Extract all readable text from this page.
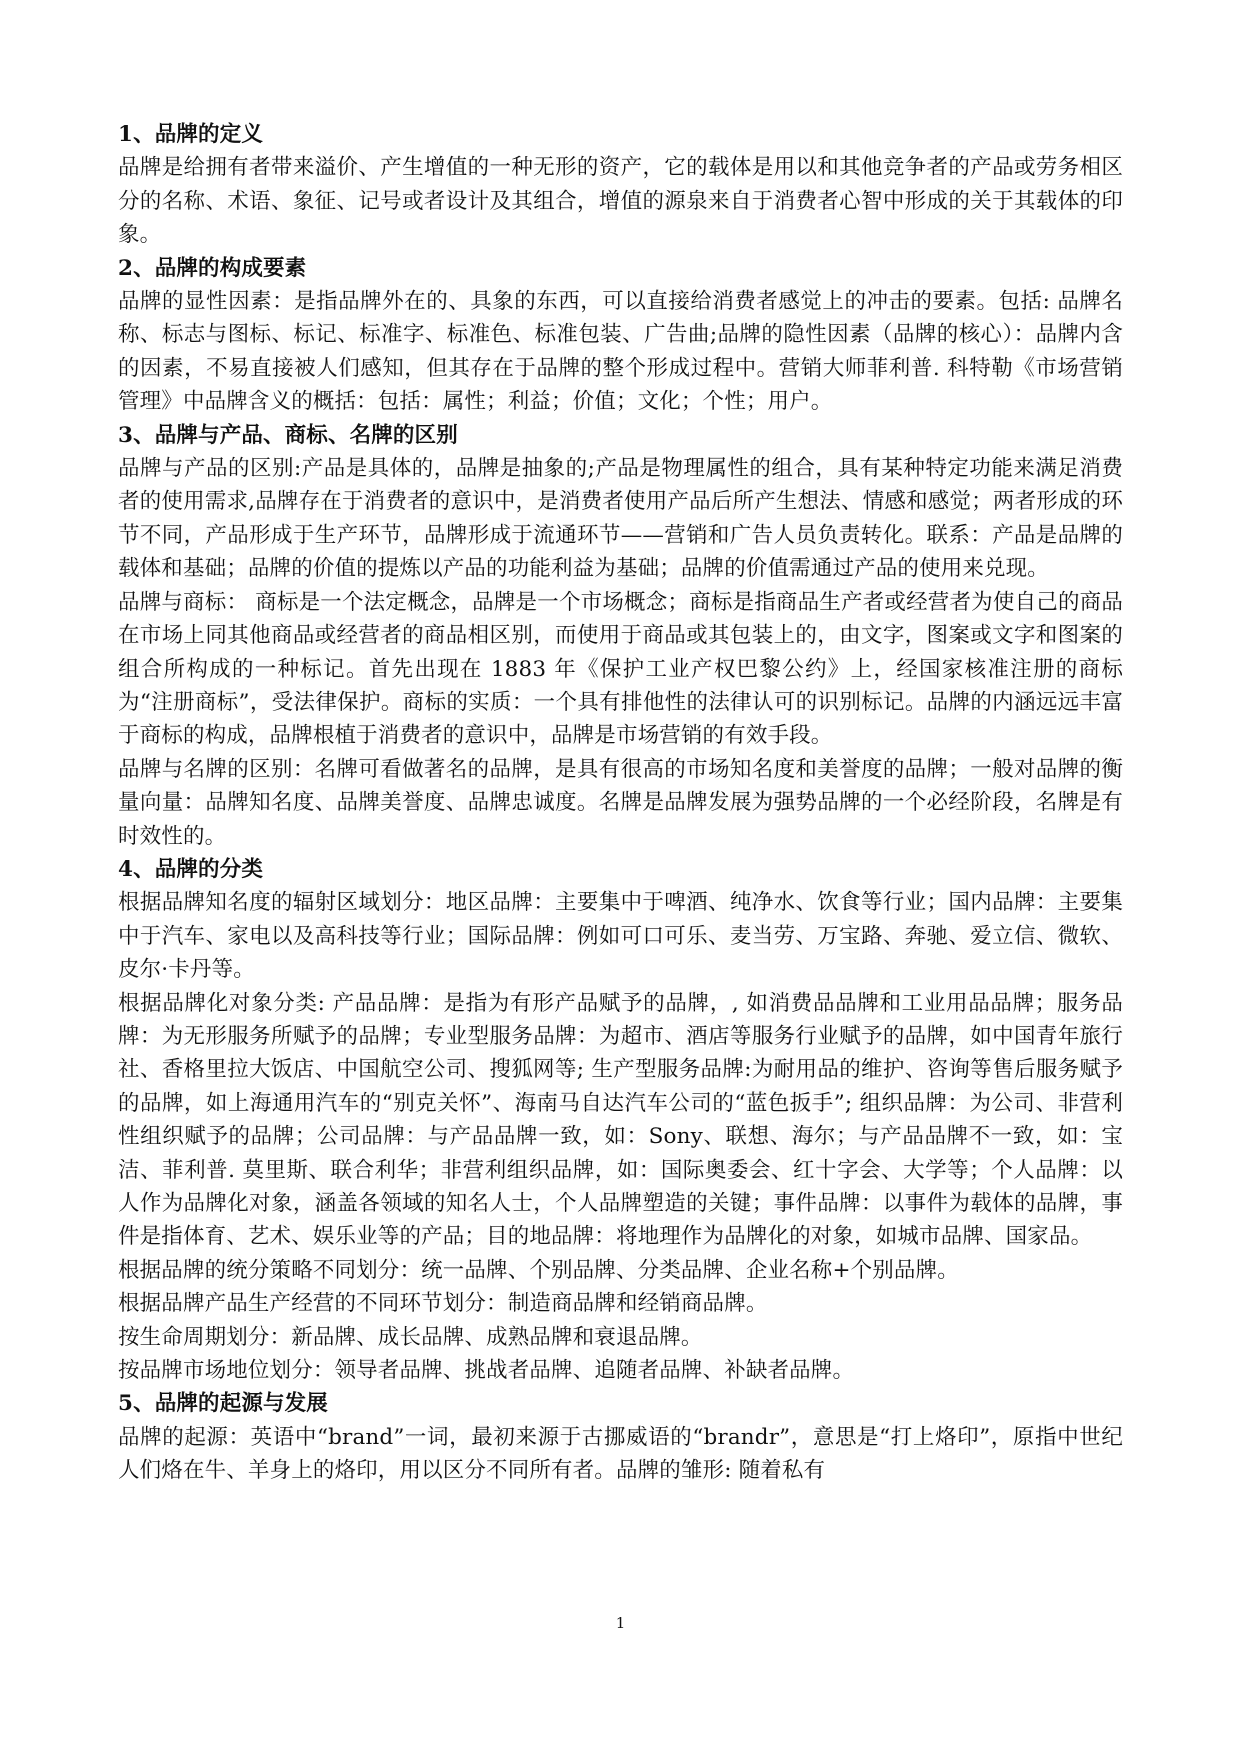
1、品牌的定义

品牌是给拥有者带来溢价、产生增值的一种无形的资产，它的载体是用以和其他竞争者的产品或劳务相区分的名称、术语、象征、记号或者设计及其组合，增值的源泉来自于消费者心智中形成的关于其载体的印象。

2、品牌的构成要素

品牌的显性因素：是指品牌外在的、具象的东西，可以直接给消费者感觉上的冲击的要素。包括: 品牌名称、标志与图标、标记、标准字、标准色、标准包装、广告曲;品牌的隐性因素（品牌的核心）：品牌内含的因素，不易直接被人们感知，但其存在于品牌的整个形成过程中。营销大师菲利普. 科特勒《市场营销管理》中品牌含义的概括：包括：属性；利益；价值；文化；个性；用户。

3、品牌与产品、商标、名牌的区别

品牌与产品的区别:产品是具体的，品牌是抽象的;产品是物理属性的组合，具有某种特定功能来满足消费者的使用需求,品牌存在于消费者的意识中，是消费者使用产品后所产生想法、情感和感觉；两者形成的环节不同，产品形成于生产环节，品牌形成于流通环节——营销和广告人员负责转化。联系：产品是品牌的载体和基础；品牌的价值的提炼以产品的功能利益为基础；品牌的价值需通过产品的使用来兑现。

品牌与商标： 商标是一个法定概念，品牌是一个市场概念；商标是指商品生产者或经营者为使自己的商品在市场上同其他商品或经营者的商品相区别，而使用于商品或其包装上的，由文字，图案或文字和图案的组合所构成的一种标记。首先出现在 1883 年《保护工业产权巴黎公约》上，经国家核准注册的商标为“注册商标”，受法律保护。商标的实质：一个具有排他性的法律认可的识别标记。品牌的内涵远远丰富于商标的构成，品牌根植于消费者的意识中，品牌是市场营销的有效手段。

品牌与名牌的区别：名牌可看做著名的品牌，是具有很高的市场知名度和美誉度的品牌；一般对品牌的衡量向量：品牌知名度、品牌美誉度、品牌忠诚度。名牌是品牌发展为强势品牌的一个必经阶段，名牌是有时效性的。

4、品牌的分类

根据品牌知名度的辐射区域划分：地区品牌：主要集中于啤酒、纯净水、饮食等行业；国内品牌：主要集中于汽车、家电以及高科技等行业；国际品牌：例如可口可乐、麦当劳、万宝路、奔驰、爱立信、微软、皮尔·卡丹等。

根据品牌化对象分类: 产品品牌：是指为有形产品赋予的品牌，, 如消费品品牌和工业用品品牌；服务品牌：为无形服务所赋予的品牌；专业型服务品牌：为超市、酒店等服务行业赋予的品牌，如中国青年旅行社、香格里拉大饭店、中国航空公司、搜狐网等; 生产型服务品牌:为耐用品的维护、咨询等售后服务赋予的品牌，如上海通用汽车的“别克关怀”、海南马自达汽车公司的“蓝色扳手”; 组织品牌：为公司、非营利性组织赋予的品牌；公司品牌：与产品品牌一致，如：Sony、联想、海尔；与产品品牌不一致，如：宝洁、菲利普. 莫里斯、联合利华；非营利组织品牌，如：国际奥委会、红十字会、大学等；个人品牌：以人作为品牌化对象，涵盖各领域的知名人士，个人品牌塑造的关键；事件品牌：以事件为载体的品牌，事件是指体育、艺术、娱乐业等的产品；目的地品牌：将地理作为品牌化的对象，如城市品牌、国家品。

根据品牌的统分策略不同划分：统一品牌、个别品牌、分类品牌、企业名称+个别品牌。

根据品牌产品生产经营的不同环节划分：制造商品牌和经销商品牌。

按生命周期划分：新品牌、成长品牌、成熟品牌和衰退品牌。

按品牌市场地位划分：领导者品牌、挑战者品牌、追随者品牌、补缺者品牌。

5、品牌的起源与发展

品牌的起源：英语中“brand”一词，最初来源于古挪威语的“brandr”，意思是“打上烙印”，原指中世纪人们烙在牛、羊身上的烙印，用以区分不同所有者。品牌的雏形: 随着私有

1
